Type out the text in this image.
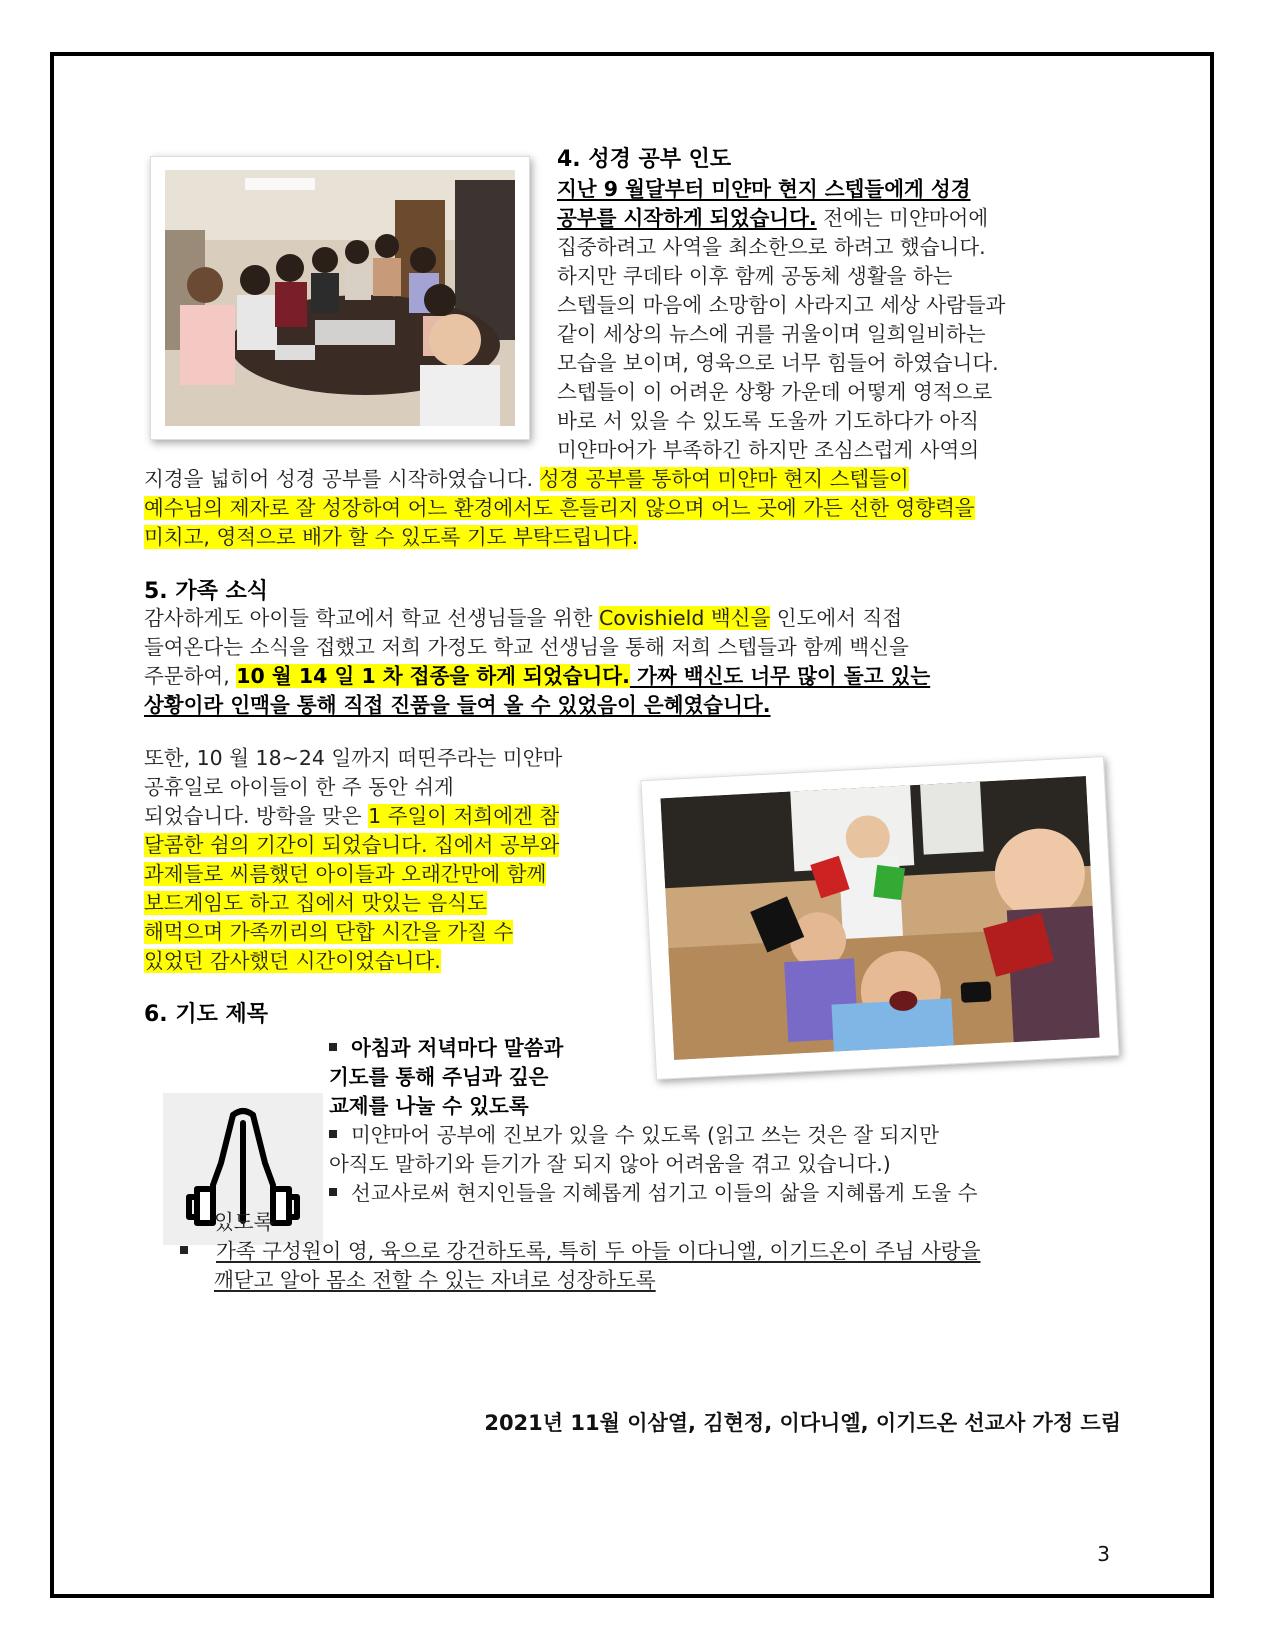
4. 성경 공부 인도
지난 9 월달부터 미얀마 현지 스텝들에게 성경
공부를 시작하게 되었습니다. 전에는 미얀마어에
집중하려고 사역을 최소한으로 하려고 했습니다.
하지만 쿠데타 이후 함께 공동체 생활을 하는
스텝들의 마음에 소망함이 사라지고 세상 사람들과
같이 세상의 뉴스에 귀를 귀울이며 일희일비하는
모습을 보이며, 영육으로 너무 힘들어 하였습니다.
스텝들이 이 어려운 상황 가운데 어떻게 영적으로
바로 서 있을 수 있도록 도울까 기도하다가 아직
미얀마어가 부족하긴 하지만 조심스럽게 사역의
지경을 넓히어 성경 공부를 시작하였습니다. 성경 공부를 통하여 미얀마 현지 스텝들이
예수님의 제자로 잘 성장하여 어느 환경에서도 흔들리지 않으며 어느 곳에 가든 선한 영향력을
미치고, 영적으로 배가 할 수 있도록 기도 부탁드립니다.
5. 가족 소식
감사하게도 아이들 학교에서 학교 선생님들을 위한 Covishield 백신을 인도에서 직접
들여온다는 소식을 접했고 저희 가정도 학교 선생님을 통해 저희 스텝들과 함께 백신을
주문하여, 10 월 14 일 1 차 접종을 하게 되었습니다. 가짜 백신도 너무 많이 돌고 있는
상황이라 인맥을 통해 직접 진품을 들여 올 수 있었음이 은혜였습니다.
또한, 10 월 18~24 일까지 떠띤주라는 미얀마
공휴일로 아이들이 한 주 동안 쉬게
되었습니다. 방학을 맞은 1 주일이 저희에겐 참
달콤한 쉼의 기간이 되었습니다. 집에서 공부와
과제들로 씨름했던 아이들과 오래간만에 함께
보드게임도 하고 집에서 맛있는 음식도
해먹으며 가족끼리의 단합 시간을 가질 수
있었던 감사했던 시간이었습니다.
6. 기도 제목
아침과 저녁마다 말씀과
기도를 통해 주님과 깊은
교제를 나눌 수 있도록
미얀마어 공부에 진보가 있을 수 있도록 (읽고 쓰는 것은 잘 되지만
아직도 말하기와 듣기가 잘 되지 않아 어려움을 겪고 있습니다.)
선교사로써 현지인들을 지혜롭게 섬기고 이들의 삶을 지혜롭게 도울 수
있도록
가족 구성원이 영, 육으로 강건하도록, 특히 두 아들 이다니엘, 이기드온이 주님 사랑을
깨닫고 알아 몸소 전할 수 있는 자녀로 성장하도록
2021년 11월 이삼열, 김현정, 이다니엘, 이기드온 선교사 가정 드림
3
